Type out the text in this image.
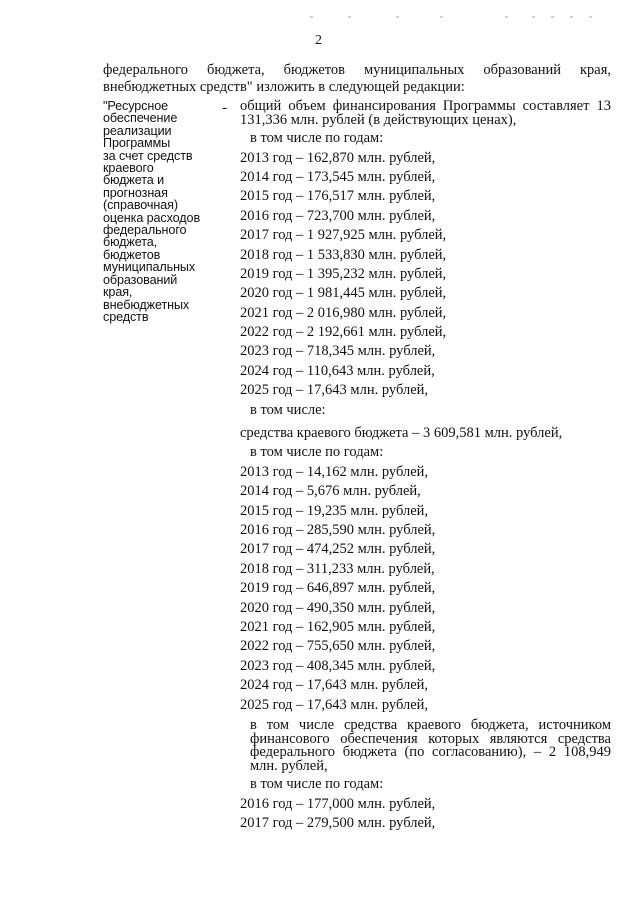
2
федерального бюджета, бюджетов муниципальных образований края, внебюджетных средств" изложить в следующей редакции:
"Ресурсное
обеспечение
реализации
Программы
за счет средств
краевого
бюджета и
прогнозная
(справочная)
оценка расходов
федерального
бюджета,
бюджетов
муниципальных
образований
края,
внебюджетных
средств
- общий объем финансирования Программы составляет 13 131,336 млн. рублей (в действующих ценах),
в том числе по годам:
2013 год – 162,870 млн. рублей,
2014 год – 173,545 млн. рублей,
2015 год – 176,517 млн. рублей,
2016 год – 723,700 млн. рублей,
2017 год – 1 927,925 млн. рублей,
2018 год – 1 533,830 млн. рублей,
2019 год – 1 395,232 млн. рублей,
2020 год – 1 981,445 млн. рублей,
2021 год – 2 016,980 млн. рублей,
2022 год – 2 192,661 млн. рублей,
2023 год – 718,345 млн. рублей,
2024 год – 110,643 млн. рублей,
2025 год – 17,643 млн. рублей,
в том числе:
средства краевого бюджета – 3 609,581 млн. рублей,
в том числе по годам:
2013 год – 14,162 млн. рублей,
2014 год – 5,676 млн. рублей,
2015 год – 19,235 млн. рублей,
2016 год – 285,590 млн. рублей,
2017 год – 474,252 млн. рублей,
2018 год – 311,233 млн. рублей,
2019 год – 646,897 млн. рублей,
2020 год – 490,350 млн. рублей,
2021 год – 162,905 млн. рублей,
2022 год – 755,650 млн. рублей,
2023 год – 408,345 млн. рублей,
2024 год – 17,643 млн. рублей,
2025 год – 17,643 млн. рублей,
в том числе средства краевого бюджета, источником финансового обеспечения которых являются средства федерального бюджета (по согласованию), – 2 108,949 млн. рублей,
в том числе по годам:
2016 год – 177,000 млн. рублей,
2017 год – 279,500 млн. рублей,
